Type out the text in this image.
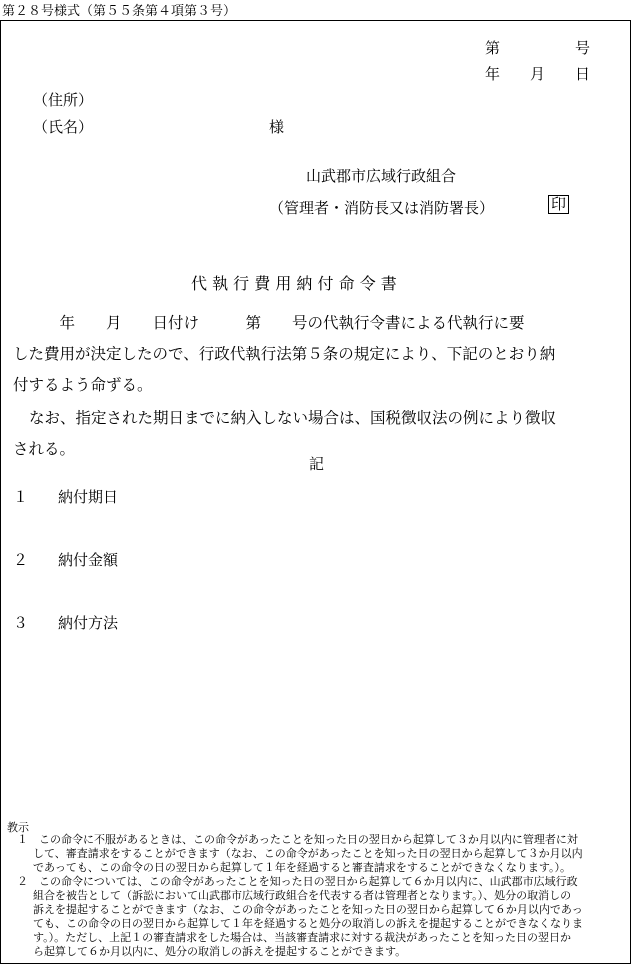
第２８号様式（第５５条第４項第３号）
第　　　　　号
年　　月　　日
（住所）
（氏名）	様
山武郡市広域行政組合
（管理者・消防長又は消防署長）	印
代 執 行 費 用 納 付 命 令 書
　　　年　　月　　日付け　　　第　　号の代執行令書による代執行に要
した費用が決定したので、行政代執行法第５条の規定により、下記のとおり納
付するよう命ずる。
なお、指定された期日までに納入しない場合は、国税徴収法の例により徴収
される。
記
１　　納付期日
２　　納付金額
３　　納付方法
教示
１　この命令に不服があるときは、この命令があったことを知った日の翌日から起算して３か月以内に管理者に対
して、審査請求をすることができます（なお、この命令があったことを知った日の翌日から起算して３か月以内
であっても、この命令の日の翌日から起算して１年を経過すると審査請求をすることができなくなります。）。
２　この命令については、この命令があったことを知った日の翌日から起算して６か月以内に、山武郡市広域行政
組合を被告として（訴訟において山武郡市広域行政組合を代表する者は管理者となります。）、処分の取消しの
訴えを提起することができます（なお、この命令があったことを知った日の翌日から起算して６か月以内であっ
ても、この命令の日の翌日から起算して１年を経過すると処分の取消しの訴えを提起することができなくなりま
す。）。ただし、上記１の審査請求をした場合は、当該審査請求に対する裁決があったことを知った日の翌日か
ら起算して６か月以内に、処分の取消しの訴えを提起することができます。
